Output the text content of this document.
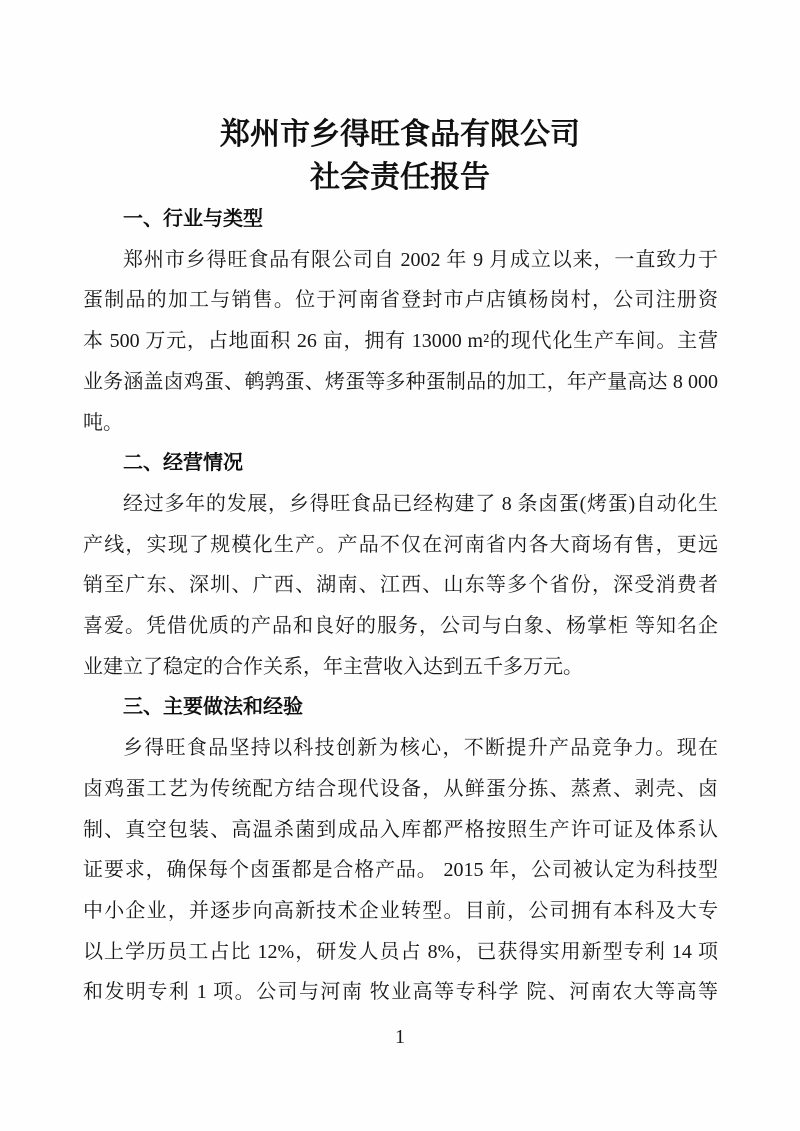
郑州市乡得旺食品有限公司
社会责任报告
一、行业与类型
郑州市乡得旺食品有限公司自 2002 年 9 月成立以来，一直致力于
蛋制品的加工与销售。位于河南省登封市卢店镇杨岗村，公司注册资
本 500 万元，占地面积 26 亩，拥有 13000 m²的现代化生产车间。主营
业务涵盖卤鸡蛋、鹌鹑蛋、烤蛋等多种蛋制品的加工，年产量高达 8 000
吨。
二、经营情况
经过多年的发展，乡得旺食品已经构建了 8 条卤蛋(烤蛋)自动化生
产线，实现了规模化生产。产品不仅在河南省内各大商场有售，更远
销至广东、深圳、广西、湖南、江西、山东等多个省份，深受消费者
喜爱。凭借优质的产品和良好的服务，公司与白象、杨掌柜 等知名企
业建立了稳定的合作关系，年主营收入达到五千多万元。
三、主要做法和经验
乡得旺食品坚持以科技创新为核心，不断提升产品竞争力。现在
卤鸡蛋工艺为传统配方结合现代设备，从鲜蛋分拣、蒸煮、剥壳、卤
制、真空包装、高温杀菌到成品入库都严格按照生产许可证及体系认
证要求，确保每个卤蛋都是合格产品。 2015 年，公司被认定为科技型
中小企业，并逐步向高新技术企业转型。目前，公司拥有本科及大专
以上学历员工占比 12%，研发人员占 8%，已获得实用新型专利 14 项
和发明专利 1 项。公司与河南 牧业高等专科学 院、河南农大等高等
1
